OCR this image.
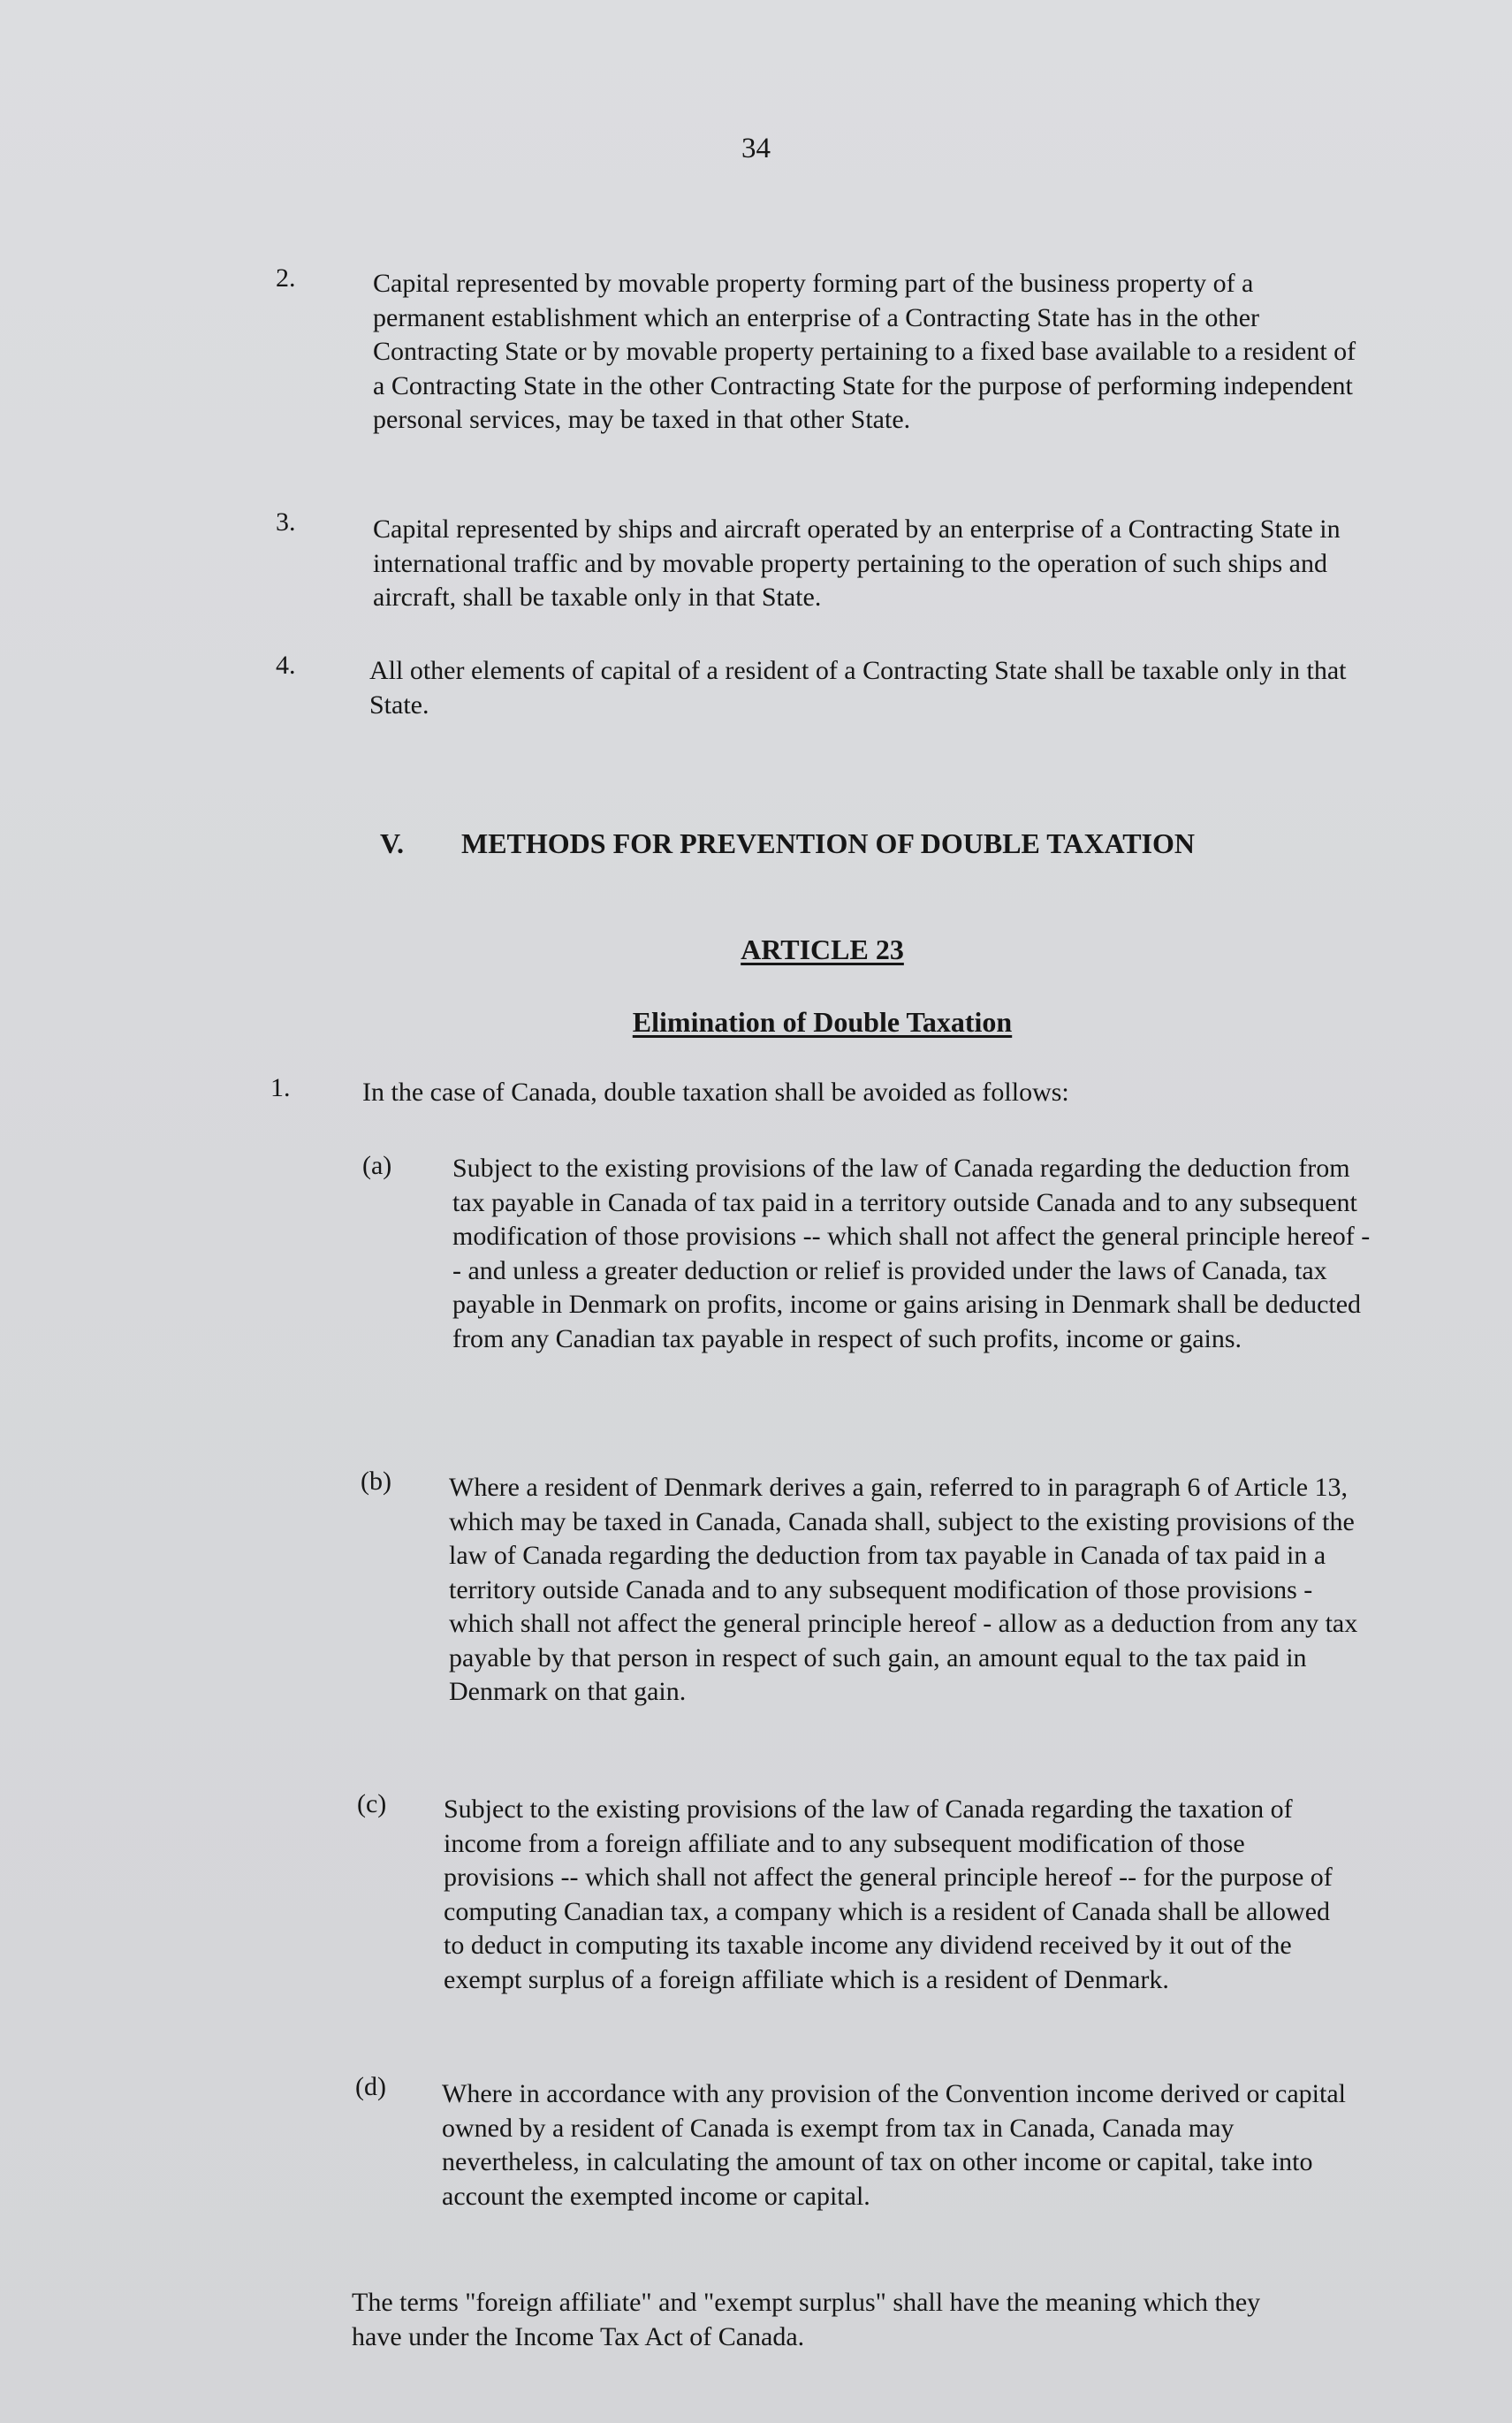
34
2.	Capital represented by movable property forming part of the business property of a permanent establishment which an enterprise of a Contracting State has in the other Contracting State or by movable property pertaining to a fixed base available to a resident of a Contracting State in the other Contracting State for the purpose of performing independent personal services, may be taxed in that other State.
3.	Capital represented by ships and aircraft operated by an enterprise of a Contracting State in international traffic and by movable property pertaining to the operation of such ships and aircraft, shall be taxable only in that State.
4.	All other elements of capital of a resident of a Contracting State shall be taxable only in that State.
V. METHODS FOR PREVENTION OF DOUBLE TAXATION
ARTICLE 23
Elimination of Double Taxation
1.	In the case of Canada, double taxation shall be avoided as follows:
(a) Subject to the existing provisions of the law of Canada regarding the deduction from tax payable in Canada of tax paid in a territory outside Canada and to any subsequent modification of those provisions -- which shall not affect the general principle hereof -- and unless a greater deduction or relief is provided under the laws of Canada, tax payable in Denmark on profits, income or gains arising in Denmark shall be deducted from any Canadian tax payable in respect of such profits, income or gains.
(b) Where a resident of Denmark derives a gain, referred to in paragraph 6 of Article 13, which may be taxed in Canada, Canada shall, subject to the existing provisions of the law of Canada regarding the deduction from tax payable in Canada of tax paid in a territory outside Canada and to any subsequent modification of those provisions - which shall not affect the general principle hereof - allow as a deduction from any tax payable by that person in respect of such gain, an amount equal to the tax paid in Denmark on that gain.
(c) Subject to the existing provisions of the law of Canada regarding the taxation of income from a foreign affiliate and to any subsequent modification of those provisions -- which shall not affect the general principle hereof -- for the purpose of computing Canadian tax, a company which is a resident of Canada shall be allowed to deduct in computing its taxable income any dividend received by it out of the exempt surplus of a foreign affiliate which is a resident of Denmark.
(d) Where in accordance with any provision of the Convention income derived or capital owned by a resident of Canada is exempt from tax in Canada, Canada may nevertheless, in calculating the amount of tax on other income or capital, take into account the exempted income or capital.
The terms "foreign affiliate" and "exempt surplus" shall have the meaning which they have under the Income Tax Act of Canada.
